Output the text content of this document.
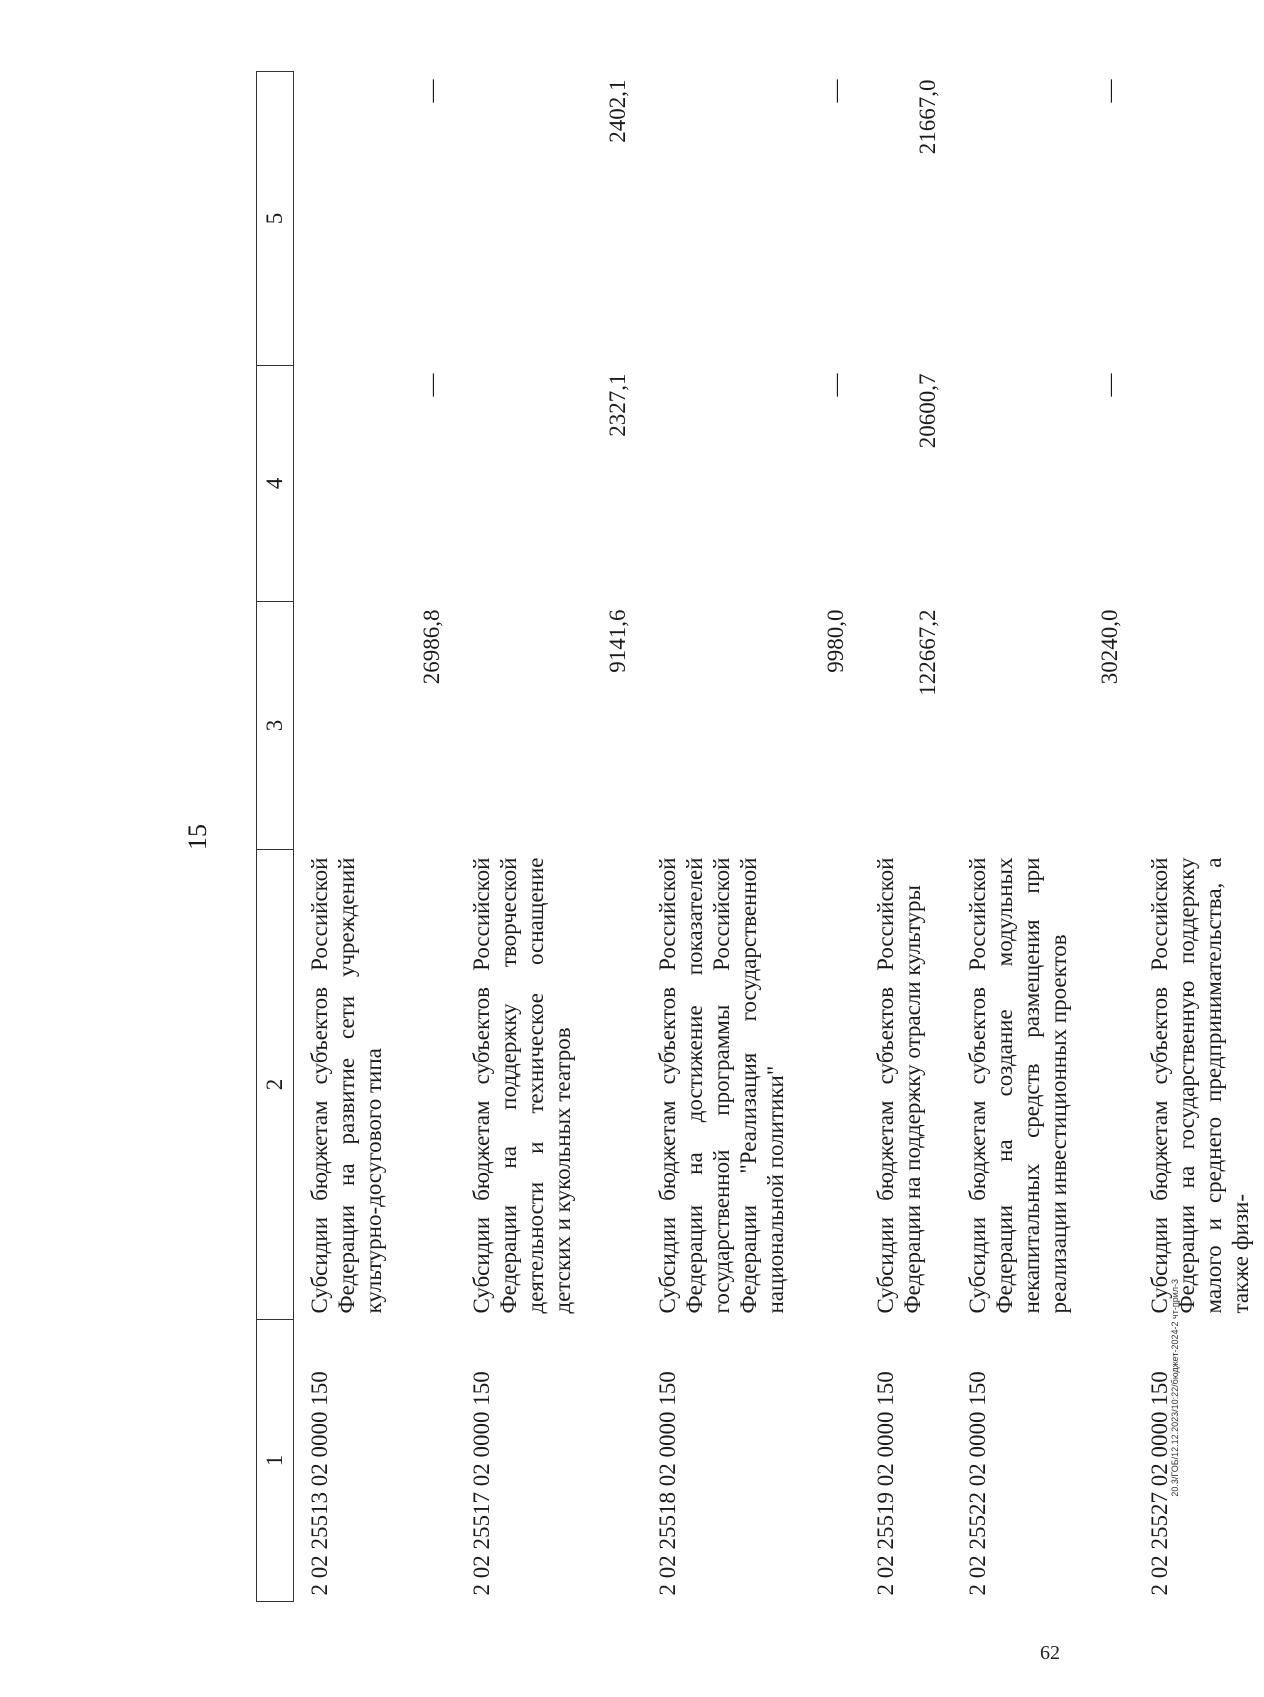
15
1	2	3	4	5
2 02 25513 02 0000 150	Субсидии бюджетам субъектов Российской Федерации на развитие сети учреждений культурно-досугового типа	26986,8	—	—
2 02 25517 02 0000 150	Субсидии бюджетам субъектов Российской Федерации на поддержку творческой деятельности и техническое оснащение детских и кукольных театров	9141,6	2327,1	2402,1
2 02 25518 02 0000 150	Субсидии бюджетам субъектов Российской Федерации на достижение показателей государственной программы Российской Федерации "Реализация государственной национальной политики"	9980,0	—	—
2 02 25519 02 0000 150	Субсидии бюджетам субъектов Российской Федерации на поддержку отрасли культуры	122667,2	20600,7	21667,0
2 02 25522 02 0000 150	Субсидии бюджетам субъектов Российской Федерации на создание модульных некапитальных средств размещения при реализации инвестиционных проектов	30240,0	—	—
2 02 25527 02 0000 150	Субсидии бюджетам субъектов Российской Федерации на государственную поддержку малого и среднего предпринимательства, а также физи-			
20.3/ГОБ/12.12.2023/10:22/бюджет-2024-2 чт-прил-3
62
